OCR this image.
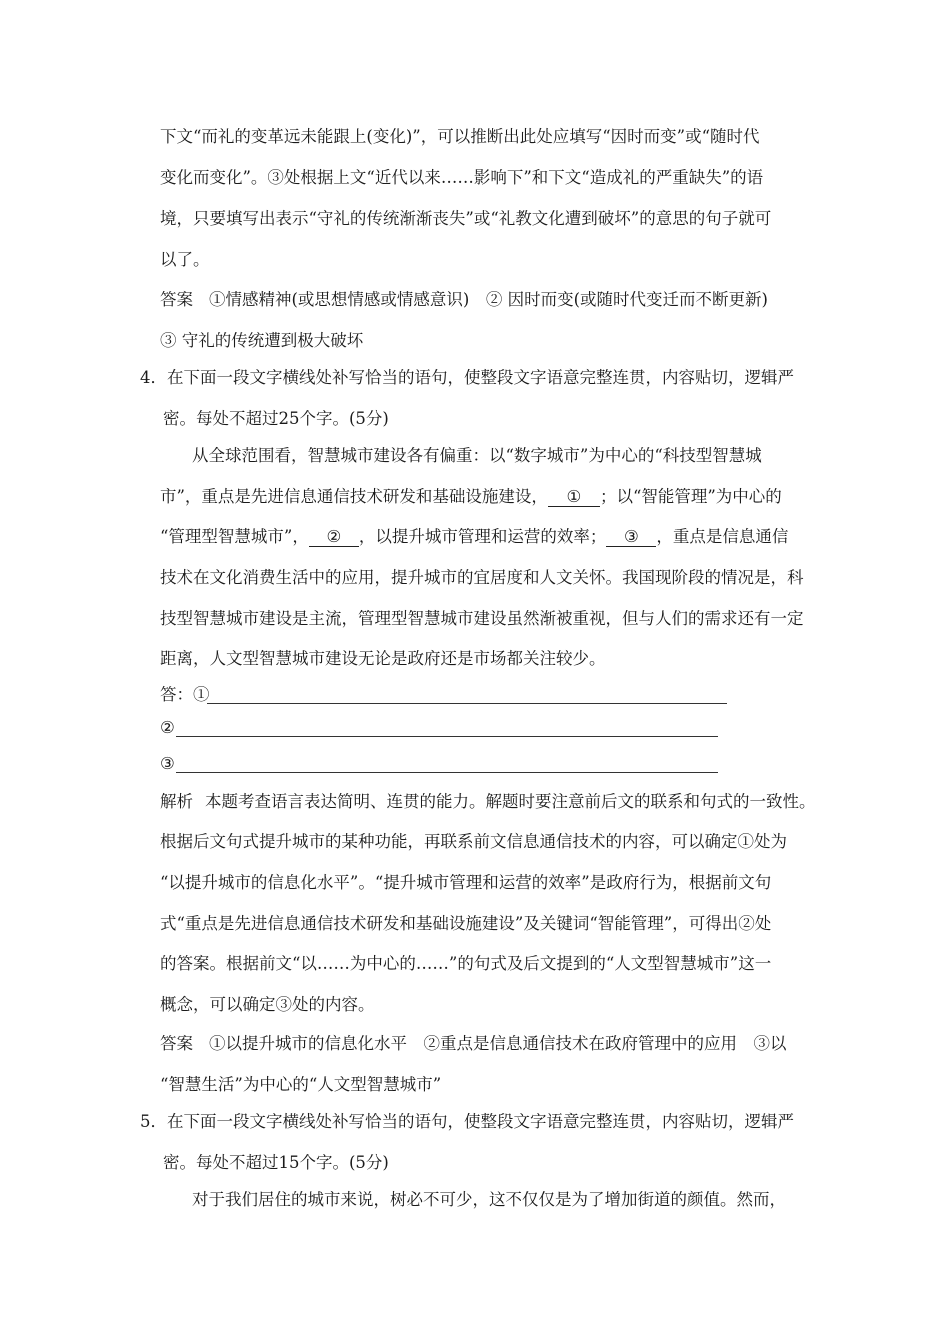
下文“而礼的变革远未能跟上(变化)”，可以推断出此处应填写“因时而变”或“随时代
变化而变化”。③处根据上文“近代以来……影响下”和下文“造成礼的严重缺失”的语
境，只要填写出表示“守礼的传统渐渐丧失”或“礼教文化遭到破坏”的意思的句子就可
以了。
答案 ①情感精神(或思想情感或情感意识)　② 因时而变(或随时代变迁而不断更新)
③ 守礼的传统遭到极大破坏
4．在下面一段文字横线处补写恰当的语句，使整段文字语意完整连贯，内容贴切，逻辑严
密。每处不超过25个字。(5分)
从全球范围看，智慧城市建设各有偏重：以“数字城市”为中心的“科技型智慧城
市”，重点是先进信息通信技术研发和基础设施建设， ① ；以“智能管理”为中心的
“管理型智慧城市”， ② ，以提升城市管理和运营的效率； ③ ，重点是信息通信
技术在文化消费生活中的应用，提升城市的宜居度和人文关怀。我国现阶段的情况是，科
技型智慧城市建设是主流，管理型智慧城市建设虽然渐被重视，但与人们的需求还有一定
距离，人文型智慧城市建设无论是政府还是市场都关注较少。
答：①
②
③
解析 本题考查语言表达简明、连贯的能力。解题时要注意前后文的联系和句式的一致性。
根据后文句式提升城市的某种功能，再联系前文信息通信技术的内容，可以确定①处为
“以提升城市的信息化水平”。“提升城市管理和运营的效率”是政府行为，根据前文句
式“重点是先进信息通信技术研发和基础设施建设”及关键词“智能管理”，可得出②处
的答案。根据前文“以……为中心的……”的句式及后文提到的“人文型智慧城市”这一
概念，可以确定③处的内容。
答案 ①以提升城市的信息化水平　②重点是信息通信技术在政府管理中的应用　③以
“智慧生活”为中心的“人文型智慧城市”
5．在下面一段文字横线处补写恰当的语句，使整段文字语意完整连贯，内容贴切，逻辑严
密。每处不超过15个字。(5分)
对于我们居住的城市来说，树必不可少，这不仅仅是为了增加街道的颜值。然而，
